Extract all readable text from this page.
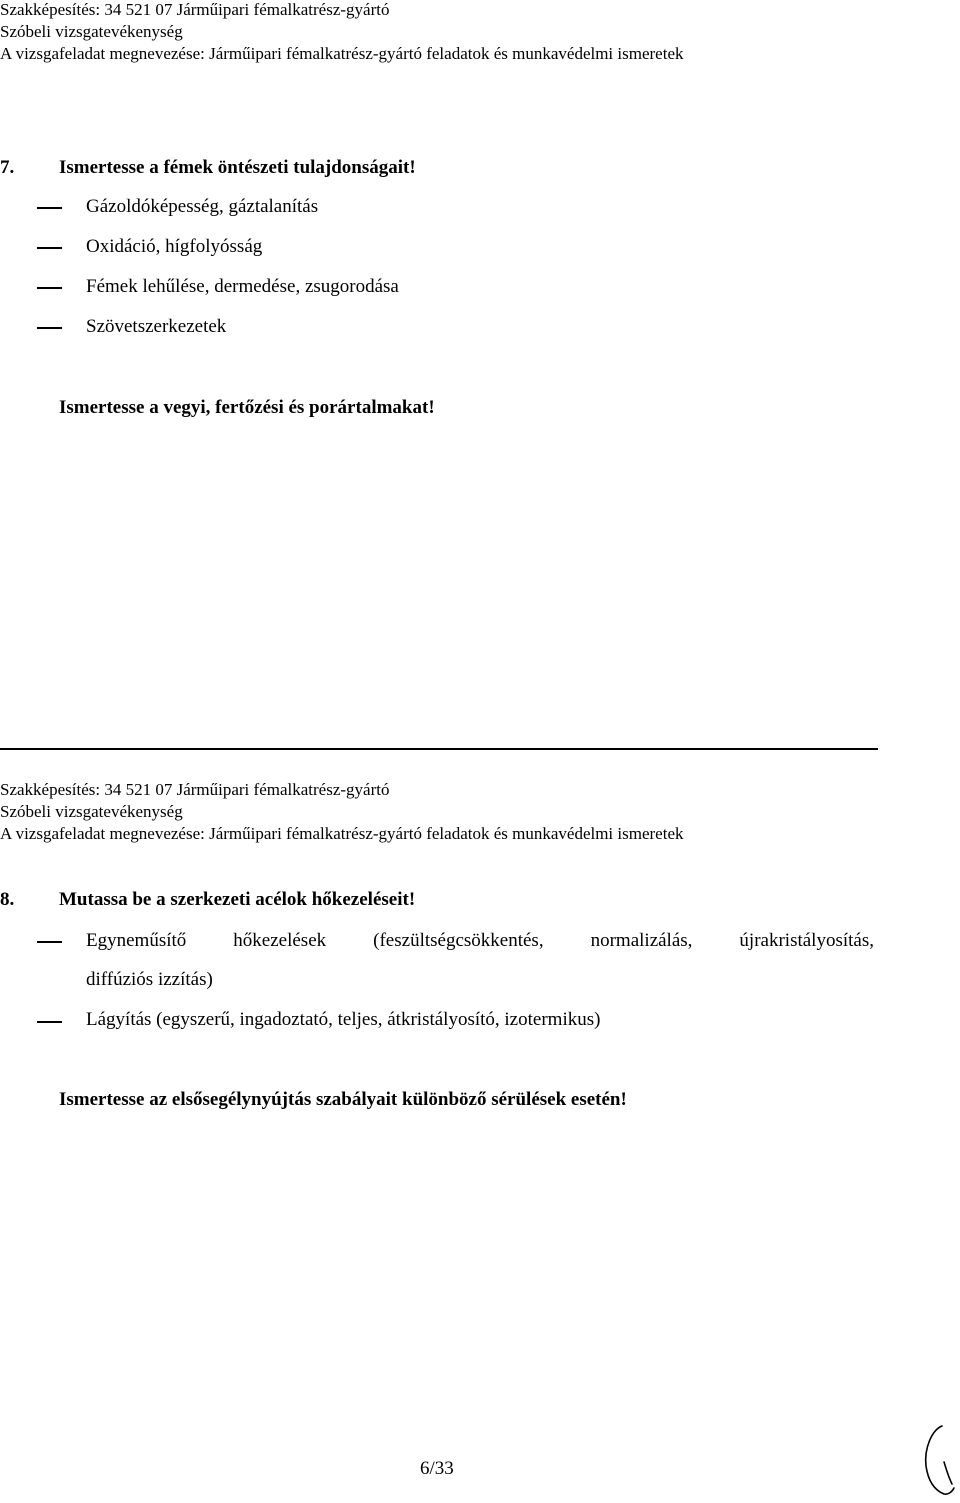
Szakképesítés: 34 521 07 Járműipari fémalkatrész-gyártó
Szóbeli vizsgatevékenység
A vizsgafeladat megnevezése: Járműipari fémalkatrész-gyártó feladatok és munkavédelmi ismeretek
7. Ismertesse a fémek öntészeti tulajdonságait!
Gázoldóképesség, gáztalanítás
Oxidáció, hígfolyósság
Fémek lehűlése, dermedése, zsugorodása
Szövetszerkezetek
Ismertesse a vegyi, fertőzési és porártalmakat!
Szakképesítés: 34 521 07 Járműipari fémalkatrész-gyártó
Szóbeli vizsgatevékenység
A vizsgafeladat megnevezése: Járműipari fémalkatrész-gyártó feladatok és munkavédelmi ismeretek
8. Mutassa be a szerkezeti acélok hőkezeléseit!
Egyneműsítő hőkezelések (feszültségcsökkentés, normalizálás, újrakristályosítás,
diffúziós izzítás)
Lágyítás (egyszerű, ingadoztató, teljes, átkristályosító, izotermikus)
Ismertesse az elsősegélynyújtás szabályait különböző sérülések esetén!
6/33
